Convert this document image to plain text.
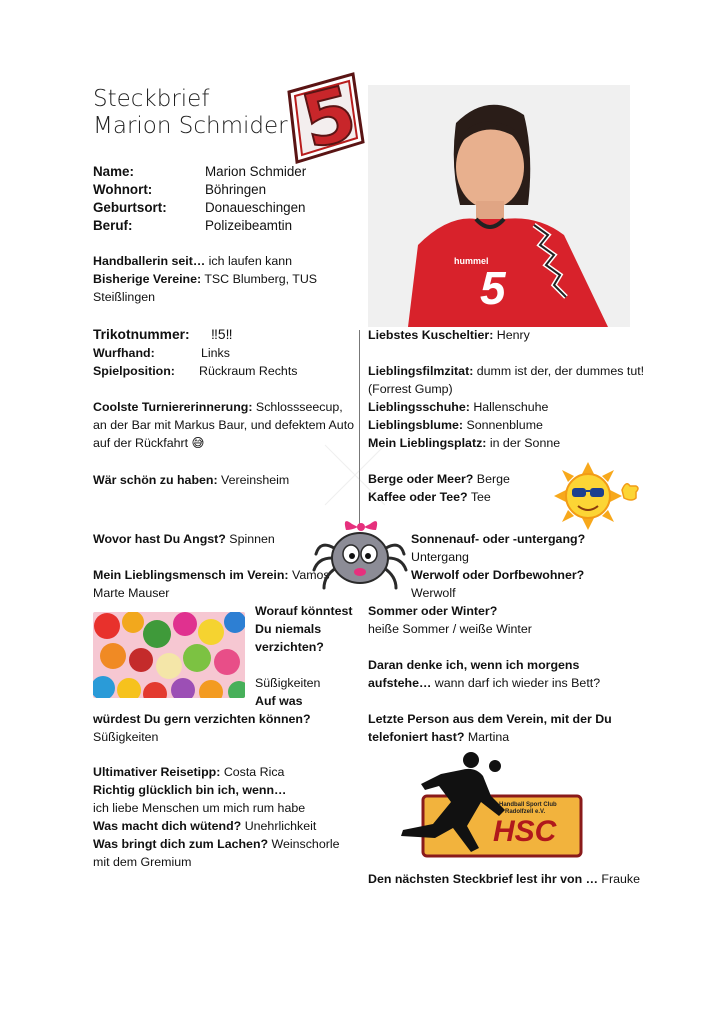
Steckbrief
Marion Schmider 5
hummel
5
Name:	Marion Schmider
Wohnort:	Böhringen
Geburtsort:	Donaueschingen
Beruf:	Polizeibeamtin
Handballerin seit… ich laufen kann
Bisherige Vereine: TSC Blumberg, TUS Steißlingen
Trikotnummer: ‼5‼
Wurfhand:	Links
Spielposition: Rückraum Rechts
Coolste Turniererinnerung: Schlossseecup, an der Bar mit Markus Baur, und defektem Auto auf der Rückfahrt 😅
Wär schön zu haben: Vereinsheim
Wovor hast Du Angst? Spinnen
Mein Lieblingsmensch im Verein: Vamos
Marte Mauser
Worauf könntest Du niemals verzichten?
Süßigkeiten
Auf was
würdest Du gern verzichten können?
Süßigkeiten
Ultimativer Reisetipp: Costa Rica
Richtig glücklich bin ich, wenn…
ich liebe Menschen um mich rum habe
Was macht dich wütend? Unehrlichkeit
Was bringt dich zum Lachen? Weinschorle mit dem Gremium
Liebstes Kuscheltier: Henry
Lieblingsfilmzitat: dumm ist der, der dummes tut! (Forrest Gump)
Lieblingsschuhe: Hallenschuhe
Lieblingsblume: Sonnenblume
Mein Lieblingsplatz: in der Sonne
Berge oder Meer? Berge
Kaffee oder Tee? Tee
Sonnenauf- oder -untergang?
Untergang
Werwolf oder Dorfbewohner?
Werwolf
Sommer oder Winter?
heiße Sommer / weiße Winter
Daran denke ich, wenn ich morgens aufstehe… wann darf ich wieder ins Bett?
Letzte Person aus dem Verein, mit der Du telefoniert hast? Martina
Handball Sport Club
Radolfzell e.V.
HSC
Den nächsten Steckbrief lest ihr von … Frauke
